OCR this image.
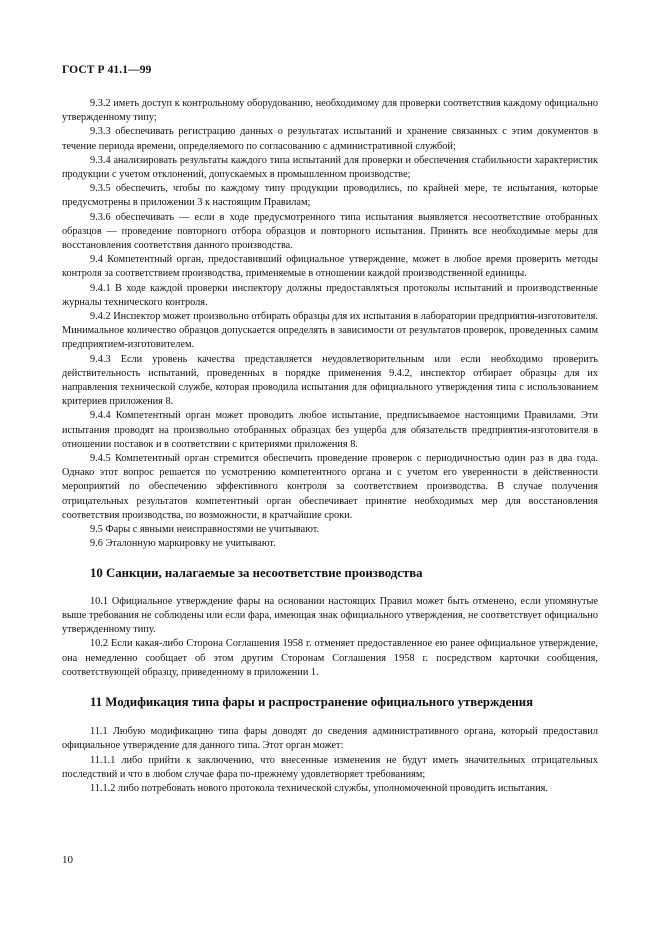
ГОСТ Р 41.1—99

9.3.2 иметь доступ к контрольному оборудованию, необходимому для проверки соответствия каждому официально утвержденному типу;

9.3.3 обеспечивать регистрацию данных о результатах испытаний и хранение связанных с этим документов в течение периода времени, определяемого по согласованию с административной службой;

9.3.4 анализировать результаты каждого типа испытаний для проверки и обеспечения стабильности характеристик продукции с учетом отклонений, допускаемых в промышленном производстве;

9.3.5 обеспечить, чтобы по каждому типу продукции проводились, по крайней мере, те испытания, которые предусмотрены в приложении 3 к настоящим Правилам;

9.3.6 обеспечивать — если в ходе предусмотренного типа испытания выявляется несоответствие отобранных образцов — проведение повторного отбора образцов и повторного испытания. Принять все необходимые меры для восстановления соответствия данного производства.

9.4 Компетентный орган, предоставивший официальное утверждение, может в любое время проверить методы контроля за соответствием производства, применяемые в отношении каждой производственной единицы.

9.4.1 В ходе каждой проверки инспектору должны предоставляться протоколы испытаний и производственные журналы технического контроля.

9.4.2 Инспектор может произвольно отбирать образцы для их испытания в лаборатории предприятия-изготовителя. Минимальное количество образцов допускается определять в зависимости от результатов проверок, проведенных самим предприятием-изготовителем.

9.4.3 Если уровень качества представляется неудовлетворительным или если необходимо проверить действительность испытаний, проведенных в порядке применения 9.4.2, инспектор отбирает образцы для их направления технической службе, которая проводила испытания для официального утверждения типа с использованием критериев приложения 8.

9.4.4 Компетентный орган может проводить любое испытание, предписываемое настоящими Правилами. Эти испытания проводят на произвольно отобранных образцах без ущерба для обязательств предприятия-изготовителя в отношении поставок и в соответствии с критериями приложения 8.

9.4.5 Компетентный орган стремится обеспечить проведение проверок с периодичностью один раз в два года. Однако этот вопрос решается по усмотрению компетентного органа и с учетом его уверенности в действенности мероприятий по обеспечению эффективного контроля за соответствием производства. В случае получения отрицательных результатов компетентный орган обеспечивает принятие необходимых мер для восстановления соответствия производства, по возможности, в кратчайшие сроки.

9.5 Фары с явными неисправностями не учитывают.

9.6 Эталонную маркировку не учитывают.

10 Санкции, налагаемые за несоответствие производства

10.1 Официальное утверждение фары на основании настоящих Правил может быть отменено, если упомянутые выше требования не соблюдены или если фара, имеющая знак официального утверждения, не соответствует официально утвержденному типу.

10.2 Если какая-либо Сторона Соглашения 1958 г. отменяет предоставленное ею ранее официальное утверждение, она немедленно сообщает об этом другим Сторонам Соглашения 1958 г. посредством карточки сообщения, соответствующей образцу, приведенному в приложении 1.

11 Модификация типа фары и распространение официального утверждения

11.1 Любую модификацию типа фары доводят до сведения административного органа, который предоставил официальное утверждение для данного типа. Этот орган может:

11.1.1 либо прийти к заключению, что внесенные изменения не будут иметь значительных отрицательных последствий и что в любом случае фара по-прежнему удовлетворяет требованиям;

11.1.2 либо потребовать нового протокола технической службы, уполномоченной проводить испытания.

10
